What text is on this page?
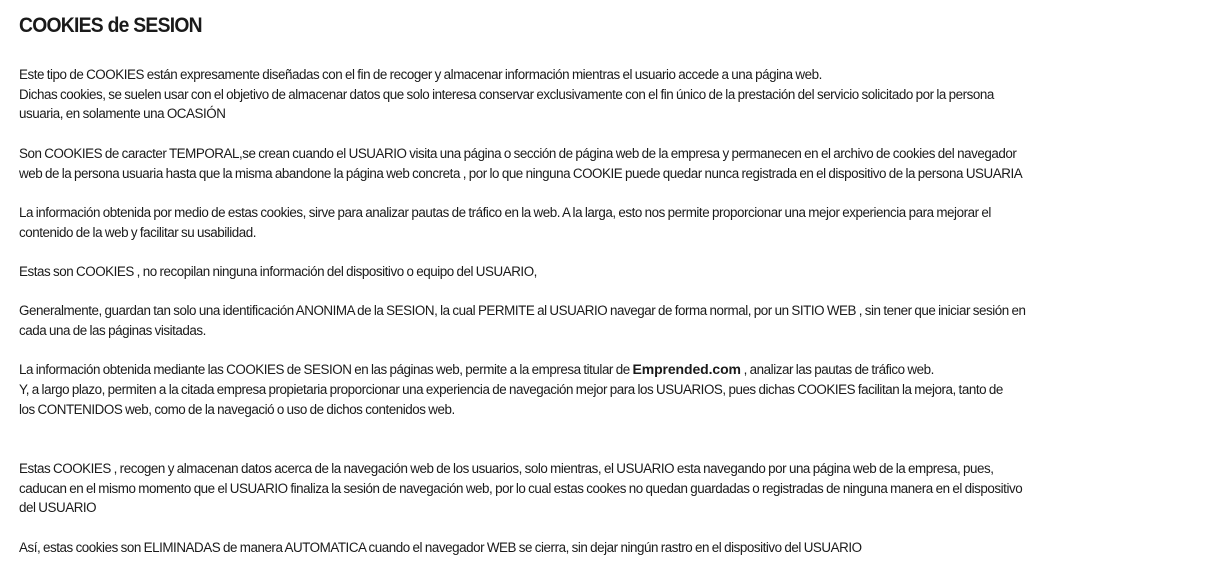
COOKIES de SESION
Este tipo de COOKIES están expresamente diseñadas con el fin de recoger y almacenar información mientras el usuario accede a una página web.
Dichas cookies, se suelen usar con el objetivo de almacenar datos que solo interesa conservar exclusivamente con el fin único de la prestación del servicio solicitado por la persona
usuaria, en solamente una OCASIÓN
Son COOKIES de caracter TEMPORAL,se crean cuando el USUARIO visita una página o sección de página web de la empresa y permanecen en el archivo de cookies del navegador
web de la persona usuaria hasta que la misma abandone la página web concreta , por lo que ninguna COOKIE puede quedar nunca registrada en el dispositivo de la persona USUARIA
La información obtenida por medio de estas cookies, sirve para analizar pautas de tráfico en la web. A la larga, esto nos permite proporcionar una mejor experiencia para mejorar el
contenido de la web y facilitar su usabilidad.
Estas son COOKIES , no recopilan ninguna información del dispositivo o equipo del USUARIO,
Generalmente, guardan tan solo una identificación ANONIMA de la SESION, la cual PERMITE al USUARIO navegar de forma normal, por un SITIO WEB , sin tener que iniciar sesión en
cada una de las páginas visitadas.
La información obtenida mediante las COOKIES de SESION en las páginas web, permite a la empresa titular de Emprended.com , analizar las pautas de tráfico web.
Y, a largo plazo, permiten a la citada empresa propietaria proporcionar una experiencia de navegación mejor para los USUARIOS, pues dichas COOKIES facilitan la mejora, tanto de
los CONTENIDOS web, como de la navegació o uso de dichos contenidos web.
Estas COOKIES , recogen y almacenan datos acerca de la navegación web de los usuarios, solo mientras, el USUARIO esta navegando por una página web de la empresa, pues,
caducan en el mismo momento que el USUARIO finaliza la sesión de navegación web, por lo cual estas cookes no quedan guardadas o registradas de ninguna manera en el dispositivo
del USUARIO
Así, estas cookies son ELIMINADAS de manera AUTOMATICA cuando el navegador WEB se cierra, sin dejar ningún rastro en el dispositivo del USUARIO
